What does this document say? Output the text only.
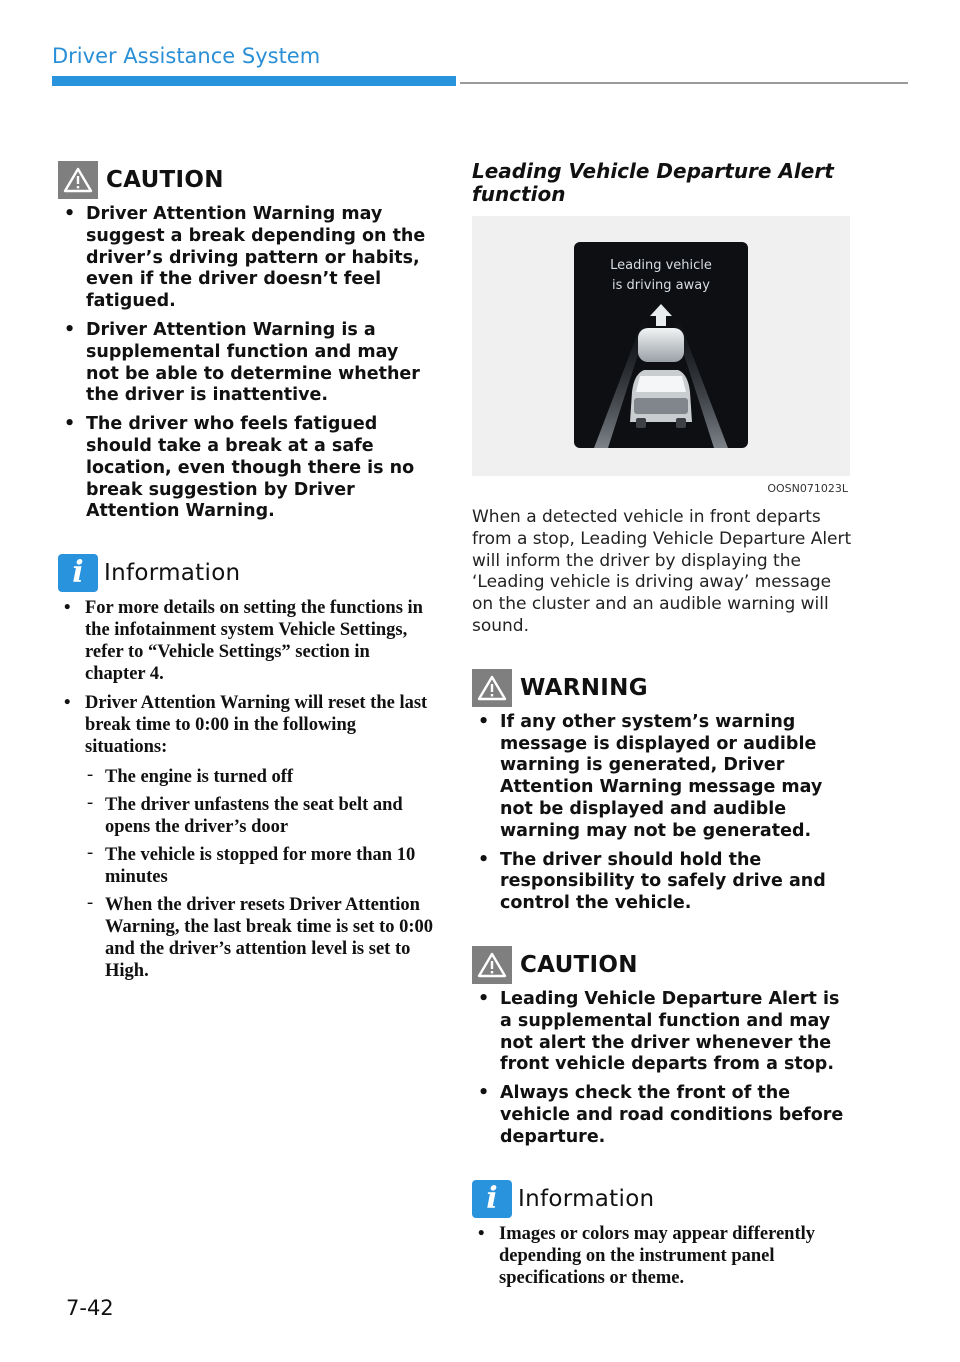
Driver Assistance System
CAUTION
• Driver Attention Warning may suggest a break depending on the driver’s driving pattern or habits, even if the driver doesn’t feel fatigued.
• Driver Attention Warning is a supplemental function and may not be able to determine whether the driver is inattentive.
• The driver who feels fatigued should take a break at a safe location, even though there is no break suggestion by Driver Attention Warning.
i Information
• For more details on setting the functions in the infotainment system Vehicle Settings, refer to “Vehicle Settings” section in chapter 4.
• Driver Attention Warning will reset the last break time to 0:00 in the following situations:
- The engine is turned off
- The driver unfastens the seat belt and opens the driver’s door
- The vehicle is stopped for more than 10 minutes
- When the driver resets Driver Attention Warning, the last break time is set to 0:00 and the driver’s attention level is set to High.
Leading Vehicle Departure Alert function
Leading vehicle
is driving away
OOSN071023L
When a detected vehicle in front departs from a stop, Leading Vehicle Departure Alert will inform the driver by displaying the ‘Leading vehicle is driving away’ message on the cluster and an audible warning will sound.
WARNING
• If any other system’s warning message is displayed or audible warning is generated, Driver Attention Warning message may not be displayed and audible warning may not be generated.
• The driver should hold the responsibility to safely drive and control the vehicle.
CAUTION
• Leading Vehicle Departure Alert is a supplemental function and may not alert the driver whenever the front vehicle departs from a stop.
• Always check the front of the vehicle and road conditions before departure.
i Information
• Images or colors may appear differently depending on the instrument panel specifications or theme.
7-42
